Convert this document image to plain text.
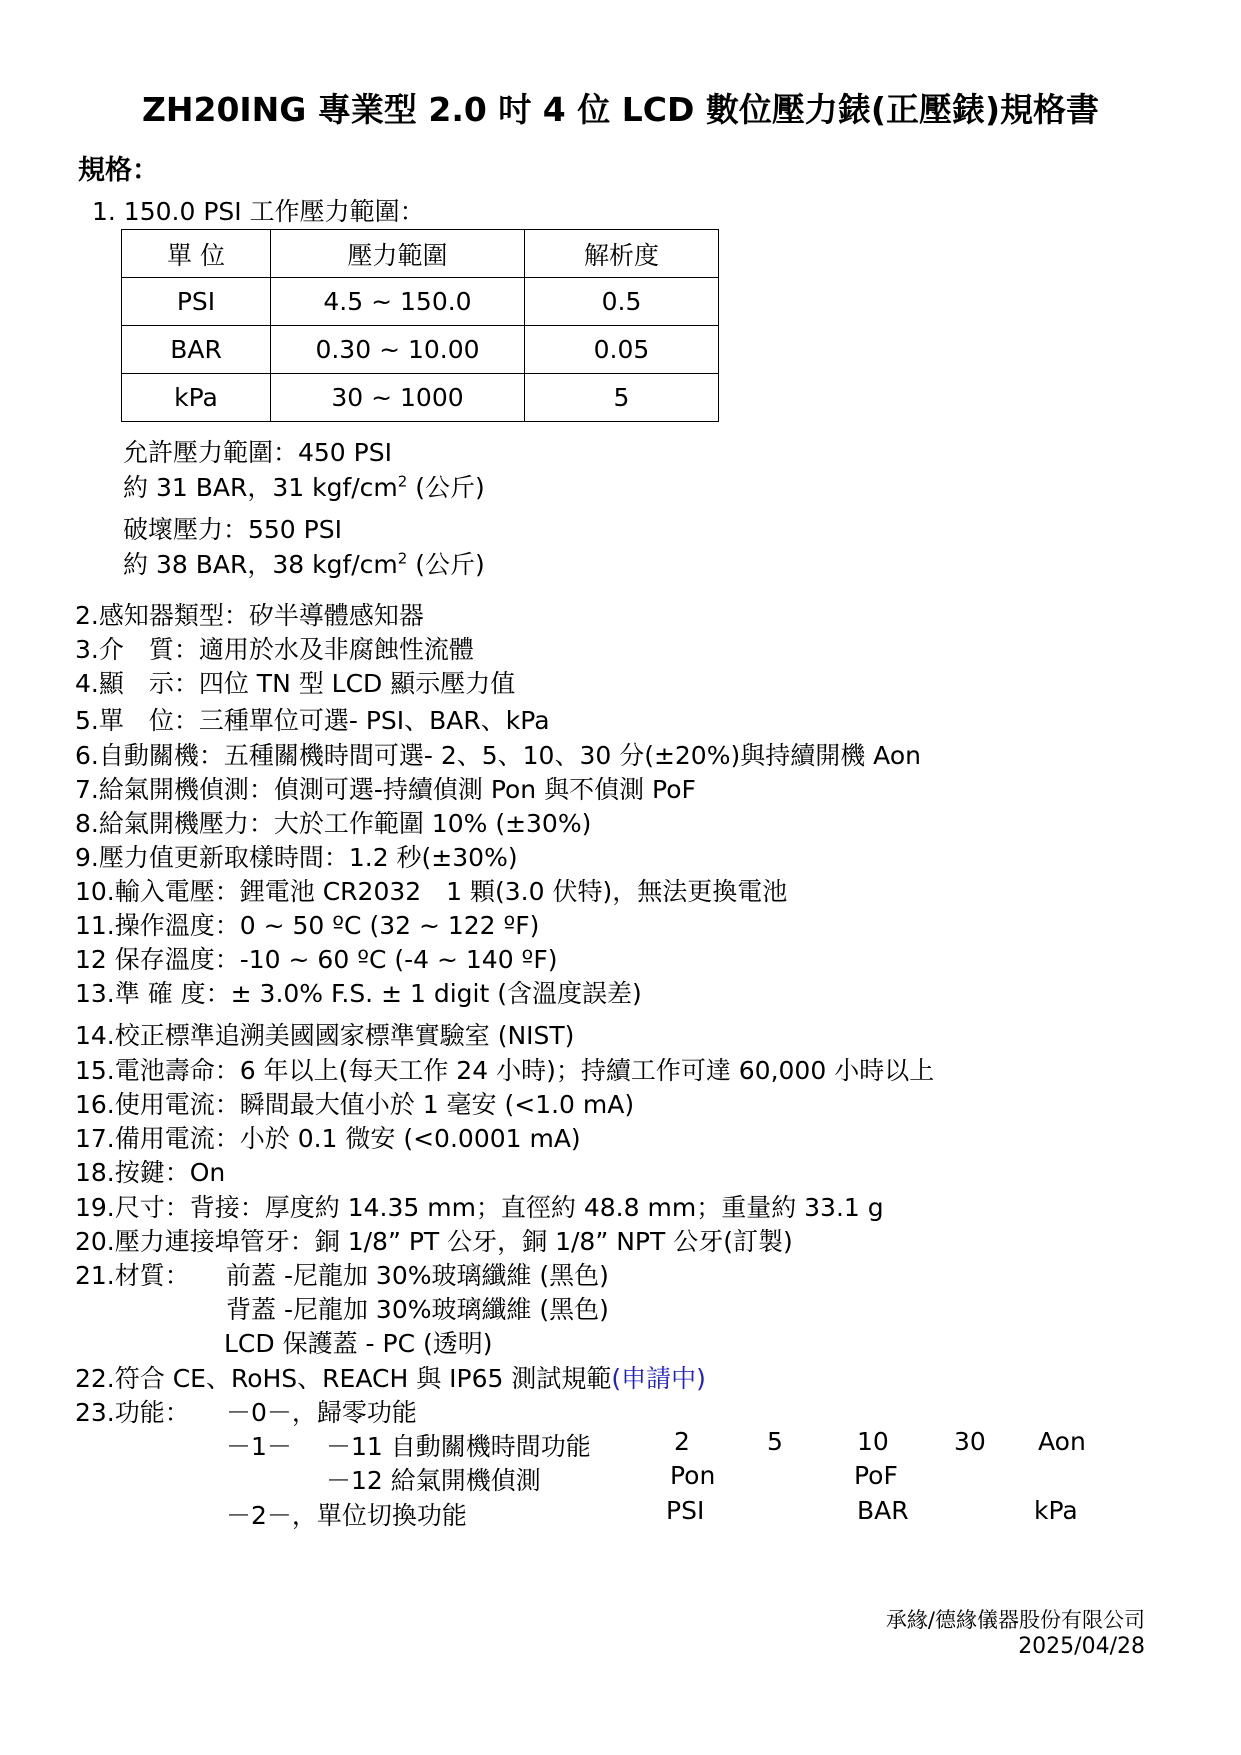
ZH20ING 專業型 2.0 吋 4 位 LCD 數位壓力錶(正壓錶)規格書
規格：
1. 150.0 PSI 工作壓力範圍：
單 位	壓力範圍	解析度
PSI	4.5 ~ 150.0	0.5
BAR	0.30 ~ 10.00	0.05
kPa	30 ~ 1000	5
允許壓力範圍：450 PSI
約 31 BAR，31 kgf/$cm^2$ (公斤)
破壞壓力：550 PSI
約 38 BAR，38 kgf/$cm^2$ (公斤)
2.感知器類型：矽半導體感知器
3.介　質：適用於水及非腐蝕性流體
4.顯　示：四位 TN 型 LCD 顯示壓力值
5.單　位：三種單位可選- PSI、BAR、kPa
6.自動關機：五種關機時間可選- 2、5、10、30 分(±20%)與持續開機 Aon
7.給氣開機偵測：偵測可選-持續偵測 Pon 與不偵測 PoF
8.給氣開機壓力：大於工作範圍 10% (±30%)
9.壓力值更新取樣時間：1.2 秒(±30%)
10.輸入電壓：鋰電池 CR2032　1 顆(3.0 伏特)，無法更換電池
11.操作溫度：0 ~ 50 ºC (32 ~ 122 ºF)
12 保存溫度：-10 ~ 60 ºC (-4 ~ 140 ºF)
13.準 確 度：± 3.0% F.S. ± 1 digit (含溫度誤差)
14.校正標準追溯美國國家標準實驗室 (NIST)
15.電池壽命：6 年以上(每天工作 24 小時)；持續工作可達 60,000 小時以上
16.使用電流：瞬間最大值小於 1 毫安 (<1.0 mA)
17.備用電流：小於 0.1 微安 (<0.0001 mA)
18.按鍵：On
19.尺寸：背接：厚度約 14.35 mm；直徑約 48.8 mm；重量約 33.1 g
20.壓力連接埠管牙：銅 1/8” PT 公牙，銅 1/8” NPT 公牙(訂製)
21.材質： 前蓋 -尼龍加 30%玻璃纖維 (黑色)
背蓋 -尼龍加 30%玻璃纖維 (黑色)
LCD 保護蓋 - PC (透明)
22.符合 CE、RoHS、REACH 與 IP65 測試規範(申請中)
23.功能： －0－，歸零功能
－1－ －11 自動關機時間功能	2	5	10	30 Aon
－12 給氣開機偵測	Pon	PoF
－2－，單位切換功能	PSI	BAR	kPa
承緣/德緣儀器股份有限公司
2025/04/28
